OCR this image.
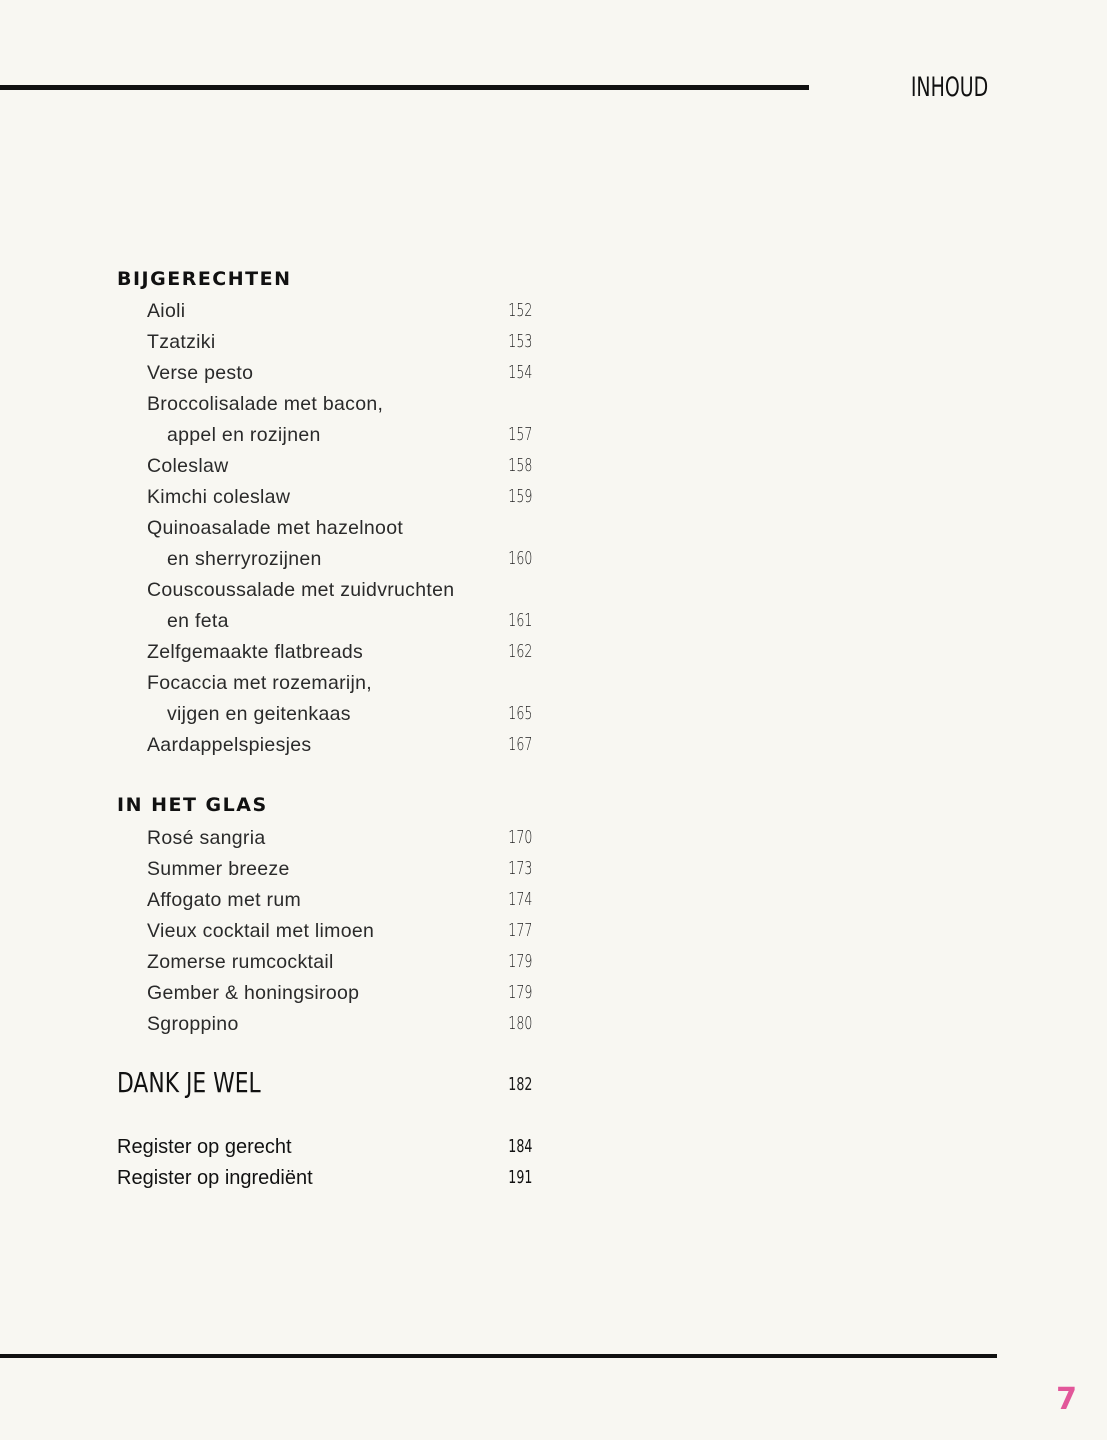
INHOUD
BIJGERECHTEN
Aioli	152
Tzatziki	153
Verse pesto	154
Broccolisalade met bacon,
appel en rozijnen	157
Coleslaw	158
Kimchi coleslaw	159
Quinoasalade met hazelnoot
en sherryrozijnen	160
Couscoussalade met zuidvruchten
en feta	161
Zelfgemaakte flatbreads	162
Focaccia met rozemarijn,
vijgen en geitenkaas	165
Aardappelspiesjes	167
IN HET GLAS
Rosé sangria	170
Summer breeze	173
Affogato met rum	174
Vieux cocktail met limoen	177
Zomerse rumcocktail	179
Gember & honingsiroop	179
Sgroppino	180
DANK JE WEL	182
Register op gerecht	184
Register op ingrediënt	191
7
